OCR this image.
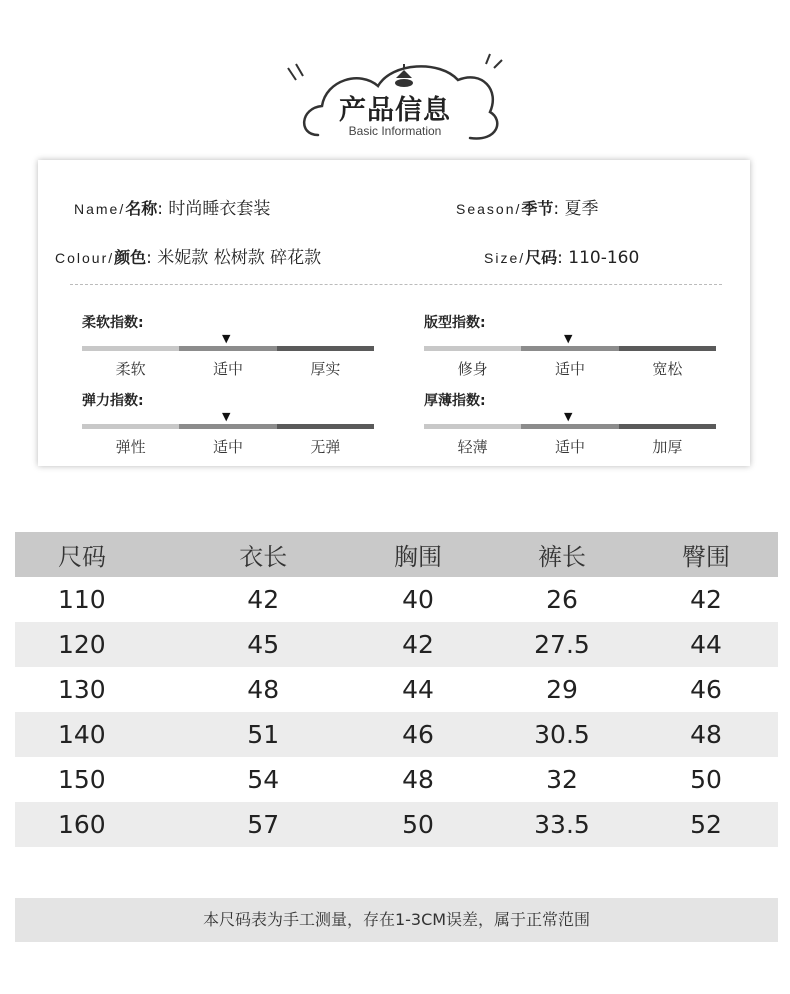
产品信息
Basic Information
Name/名称: 时尚睡衣套装	Season/季节: 夏季
Colour/颜色: 米妮款 松树款 碎花款	Size/尺码: 110-160
柔软指数:
▼
柔软	适中	厚实
版型指数:
▼
修身	适中	宽松
弹力指数:
▼
弹性	适中	无弹
厚薄指数:
▼
轻薄	适中	加厚
尺码	衣长	胸围	裤长	臀围
110	42	40	26	42
120	45	42	27.5	44
130	48	44	29	46
140	51	46	30.5	48
150	54	48	32	50
160	57	50	33.5	52
本尺码表为手工测量，存在1-3CM误差，属于正常范围
